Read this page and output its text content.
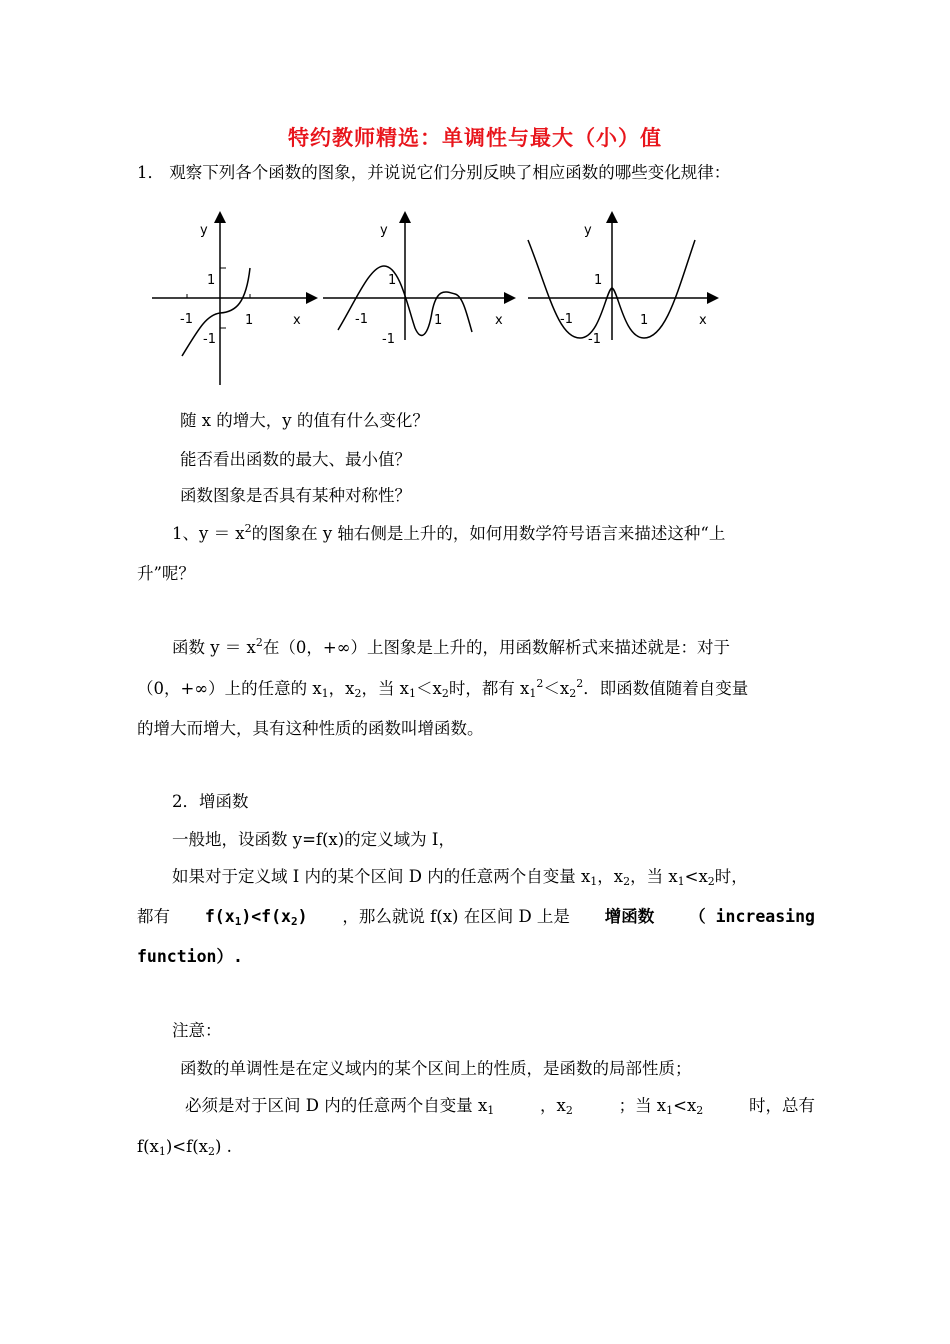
特约教师精选：单调性与最大（小）值
1． 观察下列各个函数的图象，并说说它们分别反映了相应函数的哪些变化规律：
y
1
-1	1	x
-1
y
1
-1	1	x
-1
y
1
-1	1	x
-1
随 x 的增大，y 的值有什么变化？
能否看出函数的最大、最小值？
函数图象是否具有某种对称性？
1、$y = x^2$的图象在 y 轴右侧是上升的，如何用数学符号语言来描述这种“上
升”呢？
函数 $y = x^2$在（0，+∞）上图象是上升的，用函数解析式来描述就是：对于
（0，+∞）上的任意的 $x_1$，$x_2$，当 $x_1<x_2$时，都有 $x_1^2<x_2^2$．即函数值随着自变量
的增大而增大，具有这种性质的函数叫增函数。
2．增函数
一般地，设函数 y=f(x)的定义域为 I，
如果对于定义域 I 内的某个区间 D 内的任意两个自变量 $x_1$，$x_2$，当 $x_1<x_2$时，
都有 $f(x_1)<f(x_2)$ ，那么就说 f(x) 在区间 D 上是 增函数 （ increasing
function）.
注意：
函数的单调性是在定义域内的某个区间上的性质，是函数的局部性质；
必须是对于区间 D 内的任意两个自变量 $x_1$	，$x_2$	；当 $x_1<x_2$	时，总有
$f(x_1)<f(x_2)$ .
